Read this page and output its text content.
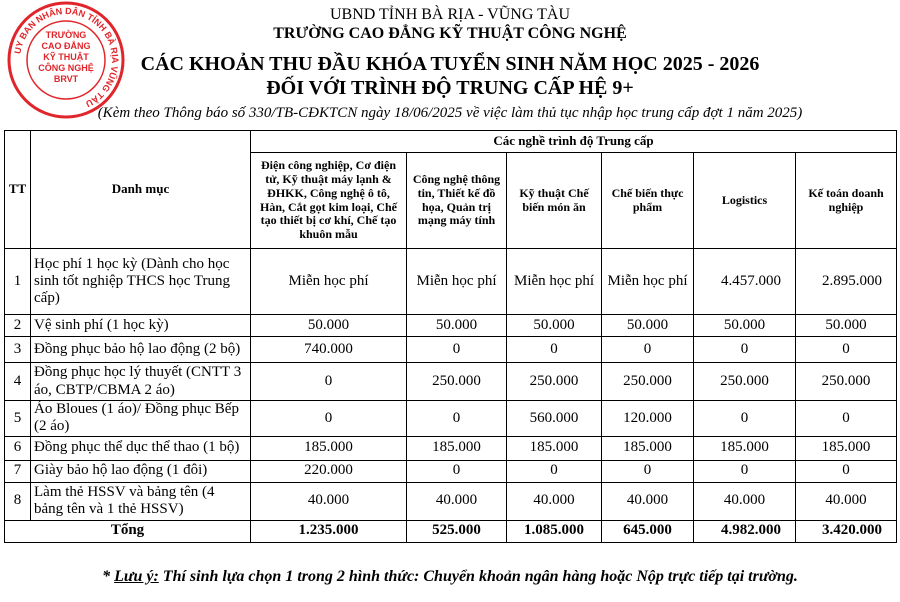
UBND TỈNH BÀ RỊA - VŨNG TÀU
TRƯỜNG CAO ĐẲNG KỸ THUẬT CÔNG NGHỆ
CÁC KHOẢN THU ĐẦU KHÓA TUYỂN SINH NĂM HỌC 2025 - 2026
ĐỐI VỚI TRÌNH ĐỘ TRUNG CẤP HỆ 9+
(Kèm theo Thông báo số 330/TB-CĐKTCN ngày 18/06/2025 về việc làm thủ tục nhập học trung cấp đợt 1 năm 2025)
UY BAN NHÂN DÂN TỈNH BÀ RỊA VŨNG TÀU
TRƯỜNG
CAO ĐẲNG
KỸ THUẬT
CÔNG NGHỆ
BRVT
TT	Danh mục	Các nghề trình độ Trung cấp					
		Điện công nghiệp, Cơ điện tử, Kỹ thuật máy lạnh & ĐHKK, Công nghệ ô tô, Hàn, Cắt gọt kim loại, Chế tạo thiết bị cơ khí, Chế tạo khuôn mẫu	Công nghệ thông tin, Thiết kế đồ họa, Quản trị mạng máy tính	Kỹ thuật Chế biến món ăn	Chế biến thực phẩm	Logistics	Kế toán doanh nghiệp
1	Học phí 1 học kỳ (Dành cho học sinh tốt nghiệp THCS học Trung cấp)	Miễn học phí	Miễn học phí	Miễn học phí	Miễn học phí	4.457.000	2.895.000
2	Vệ sinh phí (1 học kỳ)	50.000	50.000	50.000	50.000	50.000	50.000
3	Đồng phục bảo hộ lao động (2 bộ)	740.000	0	0	0	0	0
4	Đồng phục học lý thuyết (CNTT 3 áo, CBTP/CBMA 2 áo)	0	250.000	250.000	250.000	250.000	250.000
5	Áo Bloues (1 áo)/ Đồng phục Bếp (2 áo)	0	0	560.000	120.000	0	0
6	Đồng phục thể dục thể thao (1 bộ)	185.000	185.000	185.000	185.000	185.000	185.000
7	Giày bảo hộ lao động (1 đôi)	220.000	0	0	0	0	0
8	Làm thẻ HSSV và bảng tên (4 bảng tên và 1 thẻ HSSV)	40.000	40.000	40.000	40.000	40.000	40.000
Tổng		1.235.000	525.000	1.085.000	645.000	4.982.000	3.420.000
* Lưu ý: Thí sinh lựa chọn 1 trong 2 hình thức: Chuyển khoản ngân hàng hoặc Nộp trực tiếp tại trường.
